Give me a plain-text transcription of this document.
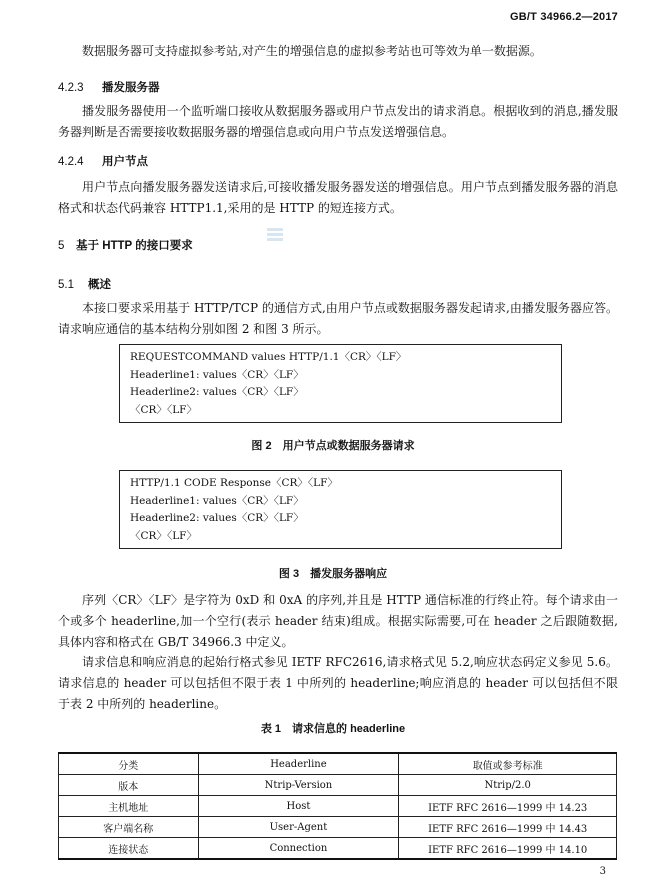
GB/T 34966.2—2017
数据服务器可支持虚拟参考站,对产生的增强信息的虚拟参考站也可等效为单一数据源。
4.2.3 播发服务器
播发服务器使用一个监听端口接收从数据服务器或用户节点发出的请求消息。根据收到的消息,播发服务器判断是否需要接收数据服务器的增强信息或向用户节点发送增强信息。
4.2.4 用户节点
用户节点向播发服务器发送请求后,可接收播发服务器发送的增强信息。用户节点到播发服务器的消息格式和状态代码兼容 HTTP1.1,采用的是 HTTP 的短连接方式。
5 基于 HTTP 的接口要求
5.1 概述
本接口要求采用基于 HTTP/TCP 的通信方式,由用户节点或数据服务器发起请求,由播发服务器应答。请求响应通信的基本结构分别如图 2 和图 3 所示。
REQUESTCOMMAND values HTTP/1.1〈CR〉〈LF〉
Headerline1: values〈CR〉〈LF〉
Headerline2: values〈CR〉〈LF〉
〈CR〉〈LF〉
图 2　用户节点或数据服务器请求
HTTP/1.1 CODE Response〈CR〉〈LF〉
Headerline1: values〈CR〉〈LF〉
Headerline2: values〈CR〉〈LF〉
〈CR〉〈LF〉
图 3　播发服务器响应
序列〈CR〉〈LF〉是字符为 0xD 和 0xA 的序列,并且是 HTTP 通信标准的行终止符。每个请求由一个或多个 headerline,加一个空行(表示 header 结束)组成。根据实际需要,可在 header 之后跟随数据,具体内容和格式在 GB/T 34966.3 中定义。
请求信息和响应消息的起始行格式参见 IETF RFC2616,请求格式见 5.2,响应状态码定义参见 5.6。请求信息的 header 可以包括但不限于表 1 中所列的 headerline;响应消息的 header 可以包括但不限于表 2 中所列的 headerline。
表 1　请求信息的 headerline
分类	Headerline	取值或参考标准
版本	Ntrip-Version	Ntrip/2.0
主机地址	Host	IETF RFC 2616—1999 中 14.23
客户端名称	User-Agent	IETF RFC 2616—1999 中 14.43
连接状态	Connection	IETF RFC 2616—1999 中 14.10
3
